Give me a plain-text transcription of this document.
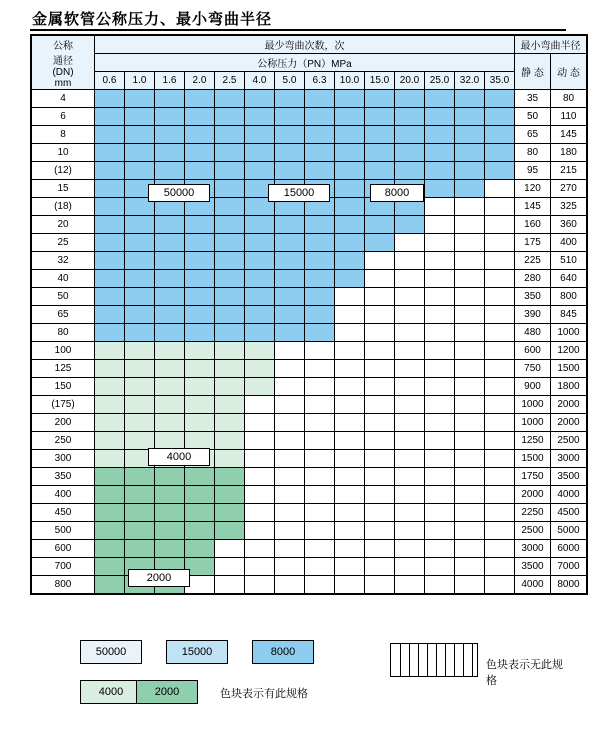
金属软管公称压力、最小弯曲半径
公称
通径
(DN)
mm	最少弯曲次数，次														最小弯曲半径	
	公称压力（PN）MPa														静 态	动 态
	0.6	1.0	1.6	2.0	2.5	4.0	5.0	6.3	10.0	15.0	20.0	25.0	32.0	35.0		
4															35	80
6															50	110
8															65	145
10															80	180
(12)															95	215
15															120	270
(18)															145	325
20															160	360
25															175	400
32															225	510
40															280	640
50															350	800
65															390	845
80															480	1000
100															600	1200
125															750	1500
150															900	1800
(175)															1000	2000
200															1000	2000
250															1250	2500
300															1500	3000
350															1750	3500
400															2000	4000
450															2250	4500
500															2500	5000
600															3000	6000
700															3500	7000
800															4000	8000
50000	15000	8000
4000	2000	色块表示有此规格
色块表示无此规格
50000	15000	8000
4000
2000
